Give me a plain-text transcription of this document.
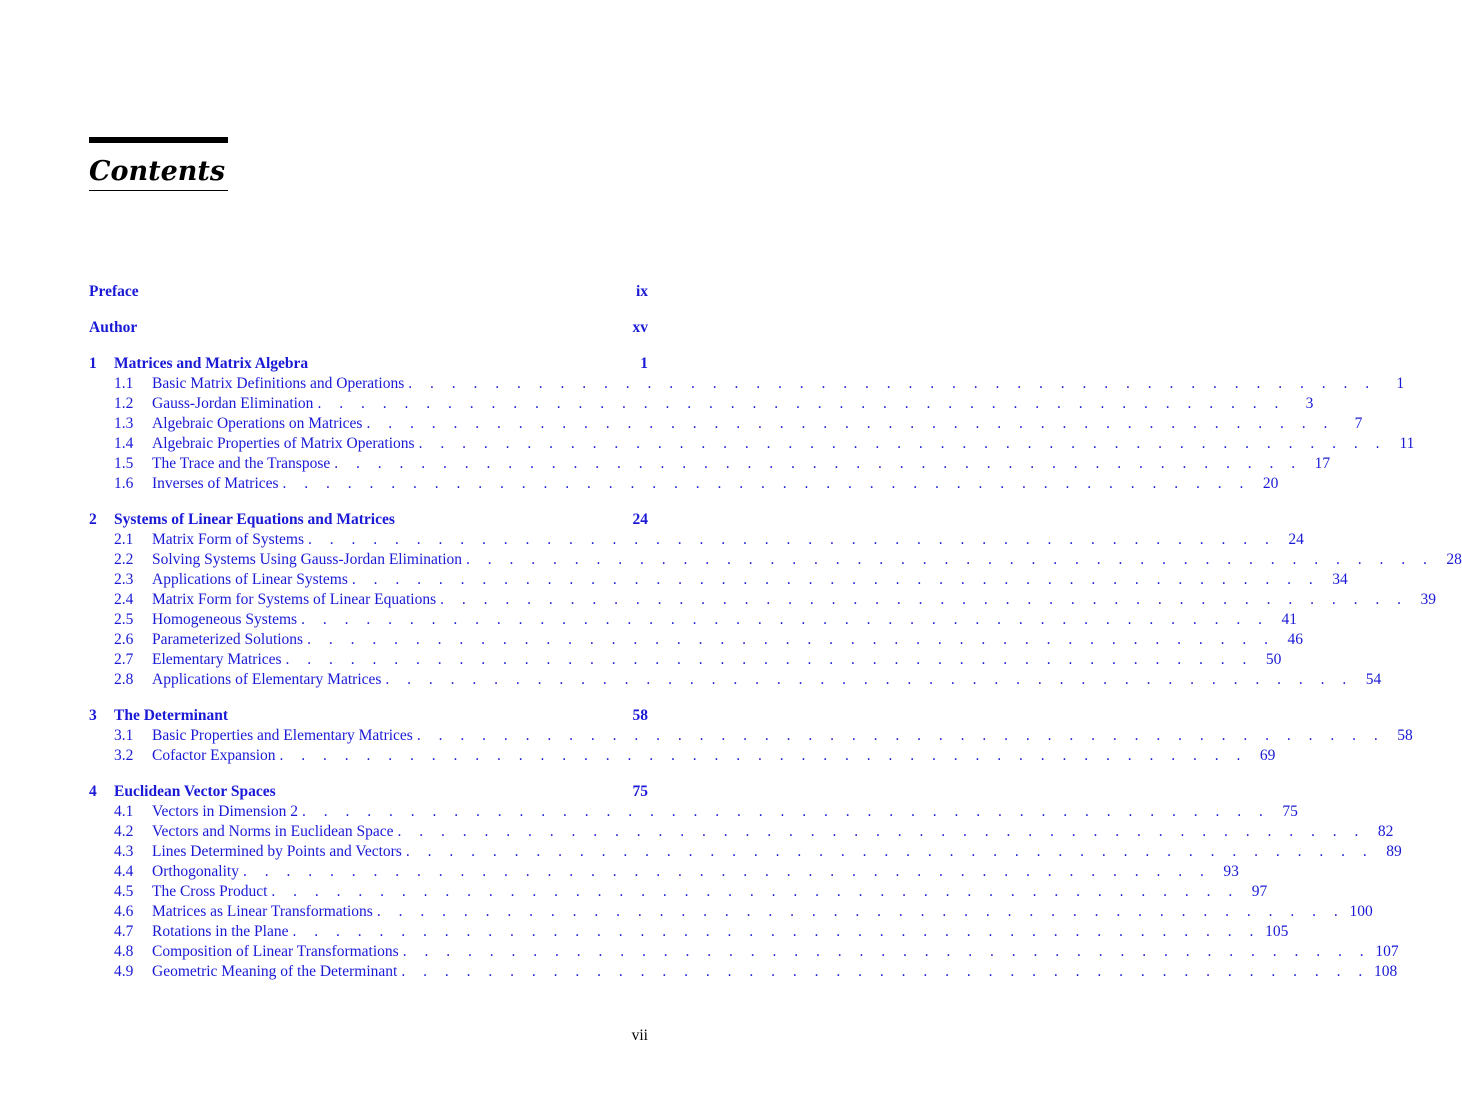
Contents
Preface	ix
Author	xv
1 Matrices and Matrix Algebra	1
1.1 Basic Matrix Definitions and Operations . . . . . . . . . . . . . . . . . . . . . . . . . . . . . . . . . . . . . . . . . . . . .	1
1.2 Gauss-Jordan Elimination . . . . . . . . . . . . . . . . . . . . . . . . . . . . . . . . . . . . . . . . . . . . .	3
1.3 Algebraic Operations on Matrices . . . . . . . . . . . . . . . . . . . . . . . . . . . . . . . . . . . . . . . . . . . . .	7
1.4 Algebraic Properties of Matrix Operations . . . . . . . . . . . . . . . . . . . . . . . . . . . . . . . . . . . . . . . . . . . . . 11
1.5 The Trace and the Transpose . . . . . . . . . . . . . . . . . . . . . . . . . . . . . . . . . . . . . . . . . . . . . 17
1.6 Inverses of Matrices . . . . . . . . . . . . . . . . . . . . . . . . . . . . . . . . . . . . . . . . . . . . . 20
2 Systems of Linear Equations and Matrices	24
2.1 Matrix Form of Systems . . . . . . . . . . . . . . . . . . . . . . . . . . . . . . . . . . . . . . . . . . . . . 24
2.2 Solving Systems Using Gauss-Jordan Elimination . . . . . . . . . . . . . . . . . . . . . . . . . . . . . . . . . . . . . . . . . . . . . 28
2.3 Applications of Linear Systems . . . . . . . . . . . . . . . . . . . . . . . . . . . . . . . . . . . . . . . . . . . . . 34
2.4 Matrix Form for Systems of Linear Equations . . . . . . . . . . . . . . . . . . . . . . . . . . . . . . . . . . . . . . . . . . . . . 39
2.5 Homogeneous Systems . . . . . . . . . . . . . . . . . . . . . . . . . . . . . . . . . . . . . . . . . . . . . 41
2.6 Parameterized Solutions . . . . . . . . . . . . . . . . . . . . . . . . . . . . . . . . . . . . . . . . . . . . . 46
2.7 Elementary Matrices . . . . . . . . . . . . . . . . . . . . . . . . . . . . . . . . . . . . . . . . . . . . . 50
2.8 Applications of Elementary Matrices . . . . . . . . . . . . . . . . . . . . . . . . . . . . . . . . . . . . . . . . . . . . . 54
3 The Determinant	58
3.1 Basic Properties and Elementary Matrices . . . . . . . . . . . . . . . . . . . . . . . . . . . . . . . . . . . . . . . . . . . . . 58
3.2 Cofactor Expansion . . . . . . . . . . . . . . . . . . . . . . . . . . . . . . . . . . . . . . . . . . . . . 69
4 Euclidean Vector Spaces	75
4.1 Vectors in Dimension 2 . . . . . . . . . . . . . . . . . . . . . . . . . . . . . . . . . . . . . . . . . . . . . 75
4.2 Vectors and Norms in Euclidean Space . . . . . . . . . . . . . . . . . . . . . . . . . . . . . . . . . . . . . . . . . . . . . 82
4.3 Lines Determined by Points and Vectors . . . . . . . . . . . . . . . . . . . . . . . . . . . . . . . . . . . . . . . . . . . . . 89
4.4 Orthogonality . . . . . . . . . . . . . . . . . . . . . . . . . . . . . . . . . . . . . . . . . . . . . 93
4.5 The Cross Product . . . . . . . . . . . . . . . . . . . . . . . . . . . . . . . . . . . . . . . . . . . . . 97
4.6 Matrices as Linear Transformations . . . . . . . . . . . . . . . . . . . . . . . . . . . . . . . . . . . . . . . . . . . . . 100
4.7 Rotations in the Plane . . . . . . . . . . . . . . . . . . . . . . . . . . . . . . . . . . . . . . . . . . . . . 105
4.8 Composition of Linear Transformations . . . . . . . . . . . . . . . . . . . . . . . . . . . . . . . . . . . . . . . . . . . . . 107
4.9 Geometric Meaning of the Determinant . . . . . . . . . . . . . . . . . . . . . . . . . . . . . . . . . . . . . . . . . . . . . 108
vii
